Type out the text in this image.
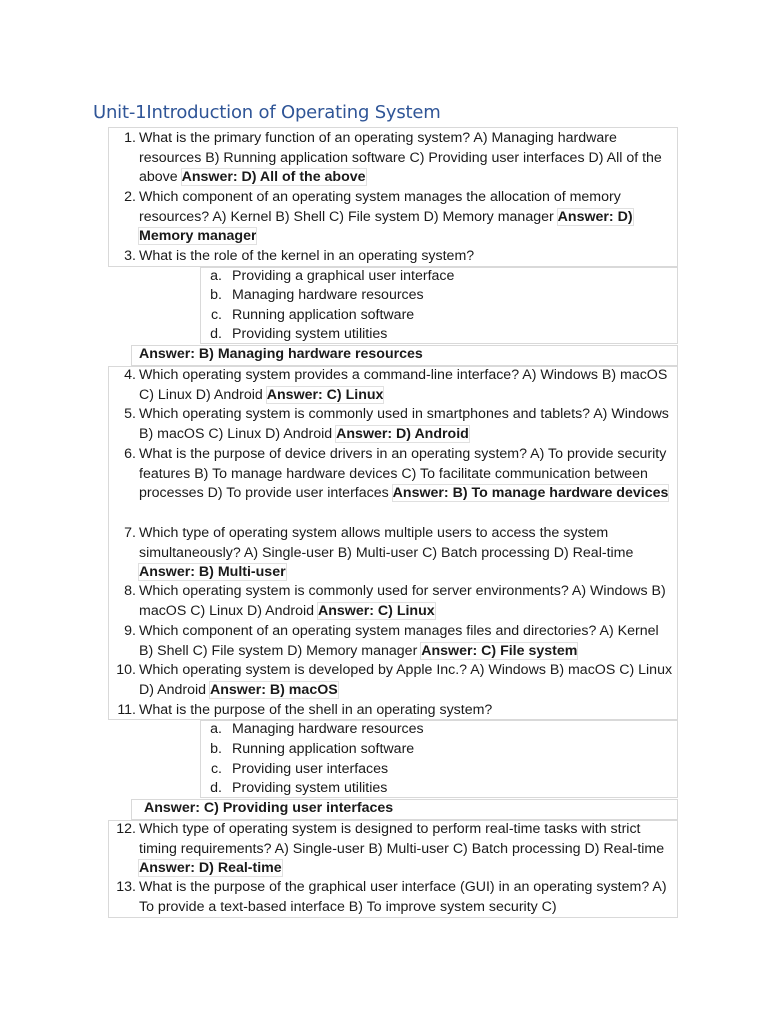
Unit-1Introduction of Operating System
1. What is the primary function of an operating system? A) Managing hardware resources B) Running application software C) Providing user interfaces D) All of the above Answer: D) All of the above
2. Which component of an operating system manages the allocation of memory resources? A) Kernel B) Shell C) File system D) Memory manager Answer: D) Memory manager
3. What is the role of the kernel in an operating system?
a. Providing a graphical user interface
b. Managing hardware resources
c. Running application software
d. Providing system utilities
Answer: B) Managing hardware resources
4. Which operating system provides a command-line interface? A) Windows B) macOS C) Linux D) Android Answer: C) Linux
5. Which operating system is commonly used in smartphones and tablets? A) Windows B) macOS C) Linux D) Android Answer: D) Android
6. What is the purpose of device drivers in an operating system? A) To provide security features B) To manage hardware devices C) To facilitate communication between processes D) To provide user interfaces Answer: B) To manage hardware devices
7. Which type of operating system allows multiple users to access the system simultaneously? A) Single-user B) Multi-user C) Batch processing D) Real-time Answer: B) Multi-user
8. Which operating system is commonly used for server environments? A) Windows B) macOS C) Linux D) Android Answer: C) Linux
9. Which component of an operating system manages files and directories? A) Kernel B) Shell C) File system D) Memory manager Answer: C) File system
10. Which operating system is developed by Apple Inc.? A) Windows B) macOS C) Linux D) Android Answer: B) macOS
11. What is the purpose of the shell in an operating system?
a. Managing hardware resources
b. Running application software
c. Providing user interfaces
d. Providing system utilities
Answer: C) Providing user interfaces
12. Which type of operating system is designed to perform real-time tasks with strict timing requirements? A) Single-user B) Multi-user C) Batch processing D) Real-time Answer: D) Real-time
13. What is the purpose of the graphical user interface (GUI) in an operating system? A) To provide a text-based interface B) To improve system security C)
